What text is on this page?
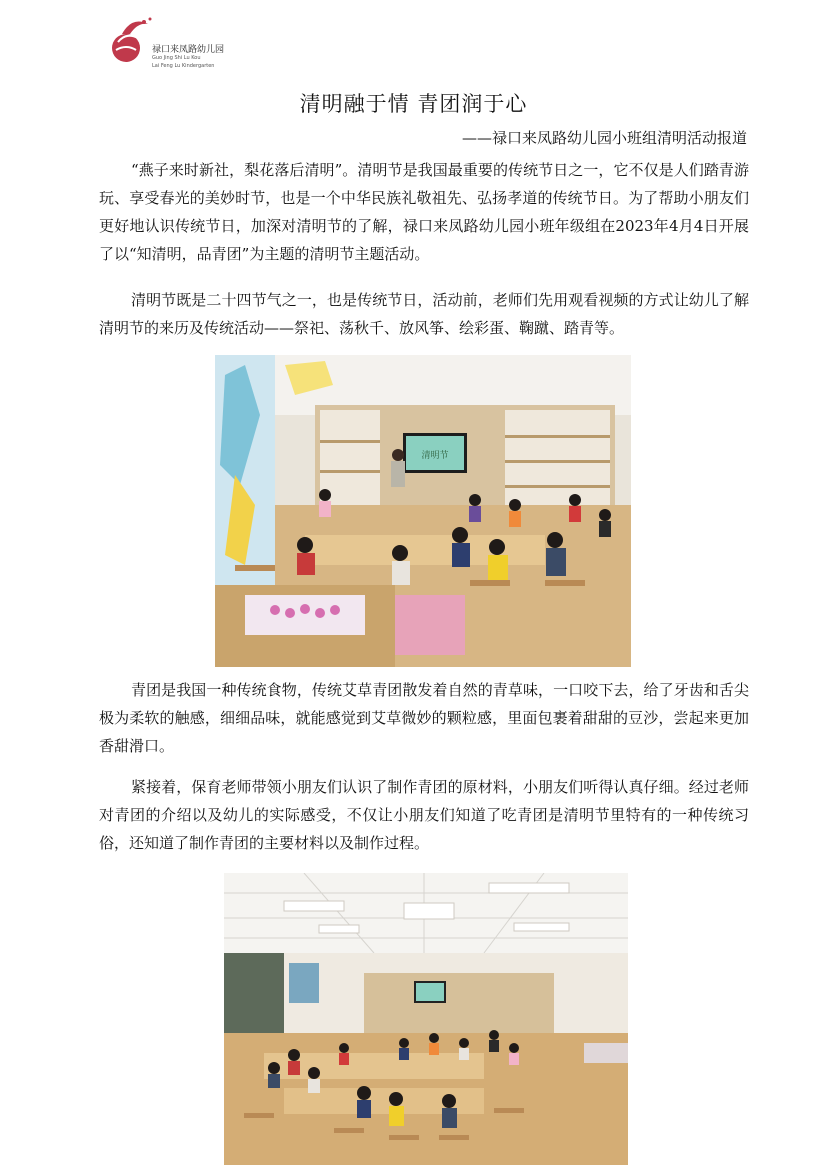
禄口来凤路幼儿园
Guo Jing Shi Lu Kou
Lai Feng Lu Kindergarten
清明融于情 青团润于心
——禄口来凤路幼儿园小班组清明活动报道

“燕子来时新社，梨花落后清明”。清明节是我国最重要的传统节日之一，它不仅是人们踏青游玩、享受春光的美妙时节，也是一个中华民族礼敬祖先、弘扬孝道的传统节日。为了帮助小朋友们更好地认识传统节日，加深对清明节的了解，禄口来凤路幼儿园小班年级组在2023年4月4日开展了以“知清明，品青团”为主题的清明节主题活动。

清明节既是二十四节气之一，也是传统节日，活动前，老师们先用观看视频的方式让幼儿了解清明节的来历及传统活动——祭祀、荡秋千、放风筝、绘彩蛋、鞠蹴、踏青等。

清明节

青团是我国一种传统食物，传统艾草青团散发着自然的青草味，一口咬下去，给了牙齿和舌尖极为柔软的触感，细细品味，就能感觉到艾草微妙的颗粒感，里面包裹着甜甜的豆沙，尝起来更加香甜滑口。

紧接着，保育老师带领小朋友们认识了制作青团的原材料，小朋友们听得认真仔细。经过老师对青团的介绍以及幼儿的实际感受，不仅让小朋友们知道了吃青团是清明节里特有的一种传统习俗，还知道了制作青团的主要材料以及制作过程。
